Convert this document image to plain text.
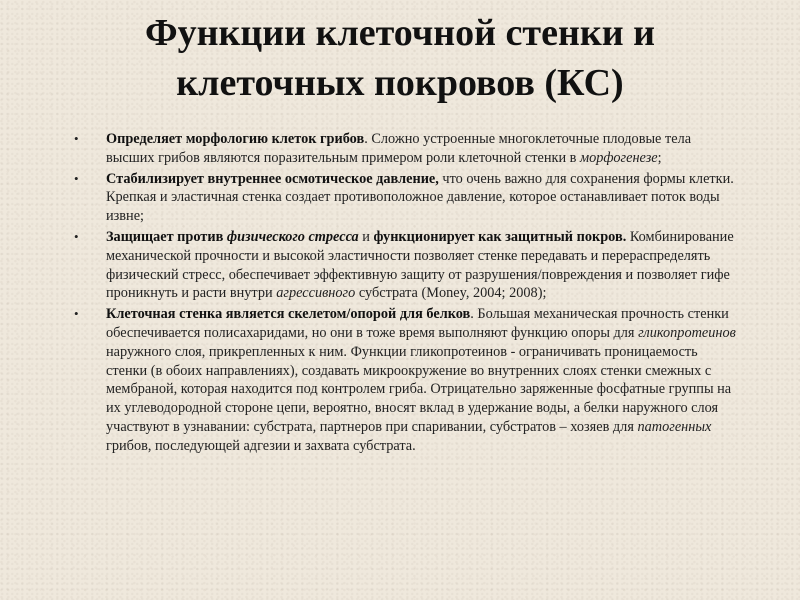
Функции клеточной стенки и
клеточных покровов (КС)
• Определяет морфологию клеток грибов. Сложно устроенные многоклеточные плодовые тела высших грибов являются поразительным примером роли клеточной стенки в морфогенезе;
• Стабилизирует внутреннее осмотическое давление, что очень важно для сохранения формы клетки. Крепкая и эластичная стенка создает противоположное давление, которое останавливает поток воды извне;
• Защищает против физического стресса и функционирует как защитный покров. Комбинирование механической прочности и высокой эластичности позволяет стенке передавать и перераспределять физический стресс, обеспечивает эффективную защиту от разрушения/повреждения и позволяет гифе проникнуть и расти внутри агрессивного субстрата (Money, 2004; 2008);
• Клеточная стенка является скелетом/опорой для белков. Большая механическая прочность стенки обеспечивается полисахаридами, но они в тоже время выполняют функцию опоры для гликопротеинов наружного слоя, прикрепленных к ним. Функции гликопротеинов - ограничивать проницаемость стенки (в обоих направлениях), создавать микроокружение во внутренних слоях стенки смежных с мембраной, которая находится под контролем гриба. Отрицательно заряженные фосфатные группы на их углеводородной стороне цепи, вероятно, вносят вклад в удержание воды, а белки наружного слоя участвуют в узнавании: субстрата, партнеров при спаривании, субстратов – хозяев для патогенных грибов, последующей адгезии и захвата субстрата.
